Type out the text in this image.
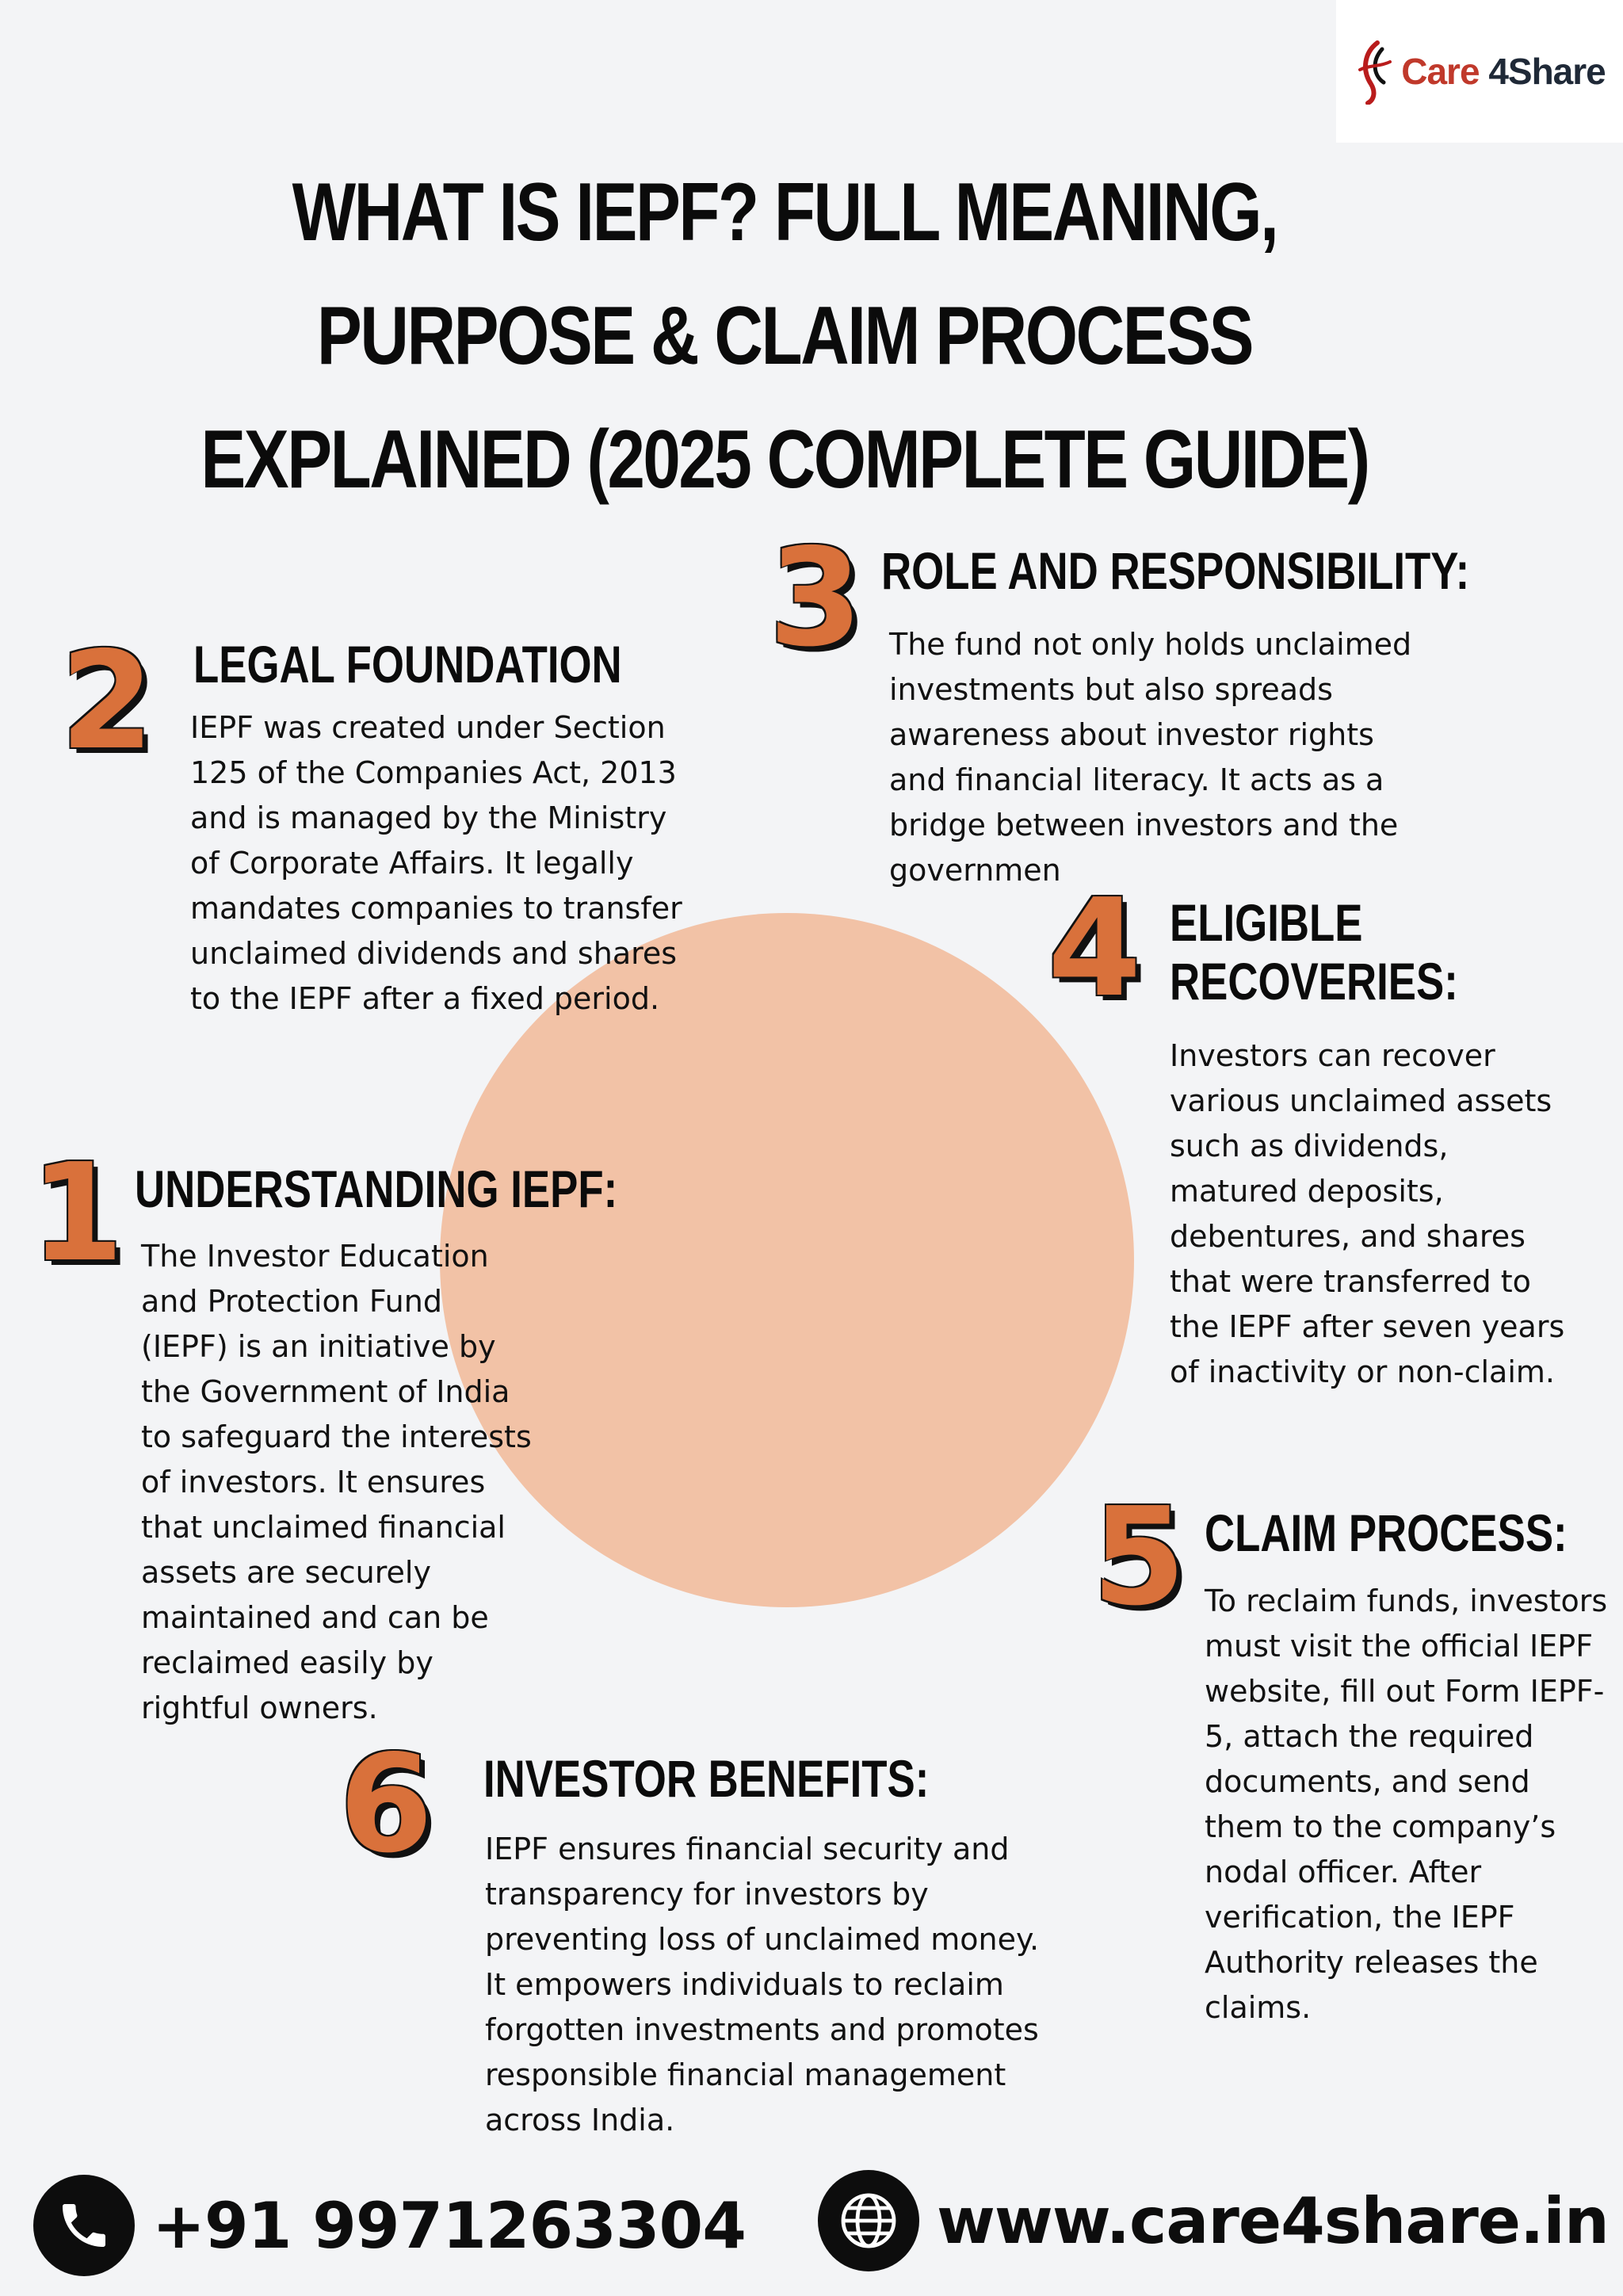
Care 4Share
WHAT IS IEPF? FULL MEANING, PURPOSE & CLAIM PROCESS EXPLAINED (2025 COMPLETE GUIDE)
2 LEGAL FOUNDATION
IEPF was created under Section 125 of the Companies Act, 2013 and is managed by the Ministry of Corporate Affairs. It legally mandates companies to transfer unclaimed dividends and shares to the IEPF after a fixed period.
3 ROLE AND RESPONSIBILITY:
The fund not only holds unclaimed investments but also spreads awareness about investor rights and financial literacy. It acts as a bridge between investors and the governmen
4 ELIGIBLE
RECOVERIES:
Investors can recover various unclaimed assets such as dividends, matured deposits, debentures, and shares that were transferred to the IEPF after seven years of inactivity or non-claim.
1 UNDERSTANDING IEPF:
The Investor Education and Protection Fund (IEPF) is an initiative by the Government of India to safeguard the interests of investors. It ensures that unclaimed financial assets are securely maintained and can be reclaimed easily by rightful owners.
5 CLAIM PROCESS:
To reclaim funds, investors must visit the official IEPF website, fill out Form IEPF-5, attach the required documents, and send them to the company’s nodal officer. After verification, the IEPF Authority releases the claims.
6 INVESTOR BENEFITS:
IEPF ensures financial security and transparency for investors by preventing loss of unclaimed money. It empowers individuals to reclaim forgotten investments and promotes responsible financial management across India.
+91 9971263304	www.care4share.in
